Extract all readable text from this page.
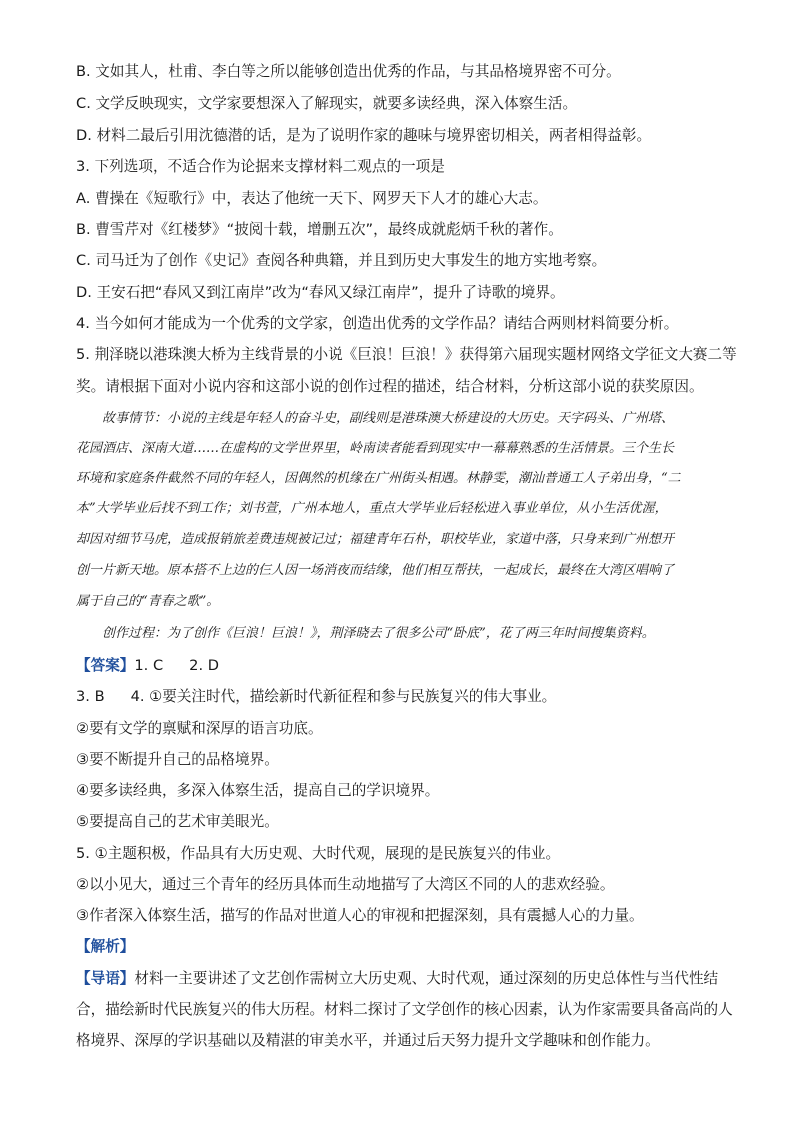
B. 文如其人，杜甫、李白等之所以能够创造出优秀的作品，与其品格境界密不可分。
C. 文学反映现实，文学家要想深入了解现实，就要多读经典，深入体察生活。
D. 材料二最后引用沈德潜的话，是为了说明作家的趣味与境界密切相关，两者相得益彰。
3. 下列选项，不适合作为论据来支撑材料二观点的一项是
A. 曹操在《短歌行》中，表达了他统一天下、网罗天下人才的雄心大志。
B. 曹雪芹对《红楼梦》“披阅十载，增删五次”，最终成就彪炳千秋的著作。
C. 司马迁为了创作《史记》查阅各种典籍，并且到历史大事发生的地方实地考察。
D. 王安石把“春风又到江南岸”改为“春风又绿江南岸”，提升了诗歌的境界。
4. 当今如何才能成为一个优秀的文学家，创造出优秀的文学作品？请结合两则材料简要分析。
5. 荆泽晓以港珠澳大桥为主线背景的小说《巨浪！巨浪！》获得第六届现实题材网络文学征文大赛二等
奖。请根据下面对小说内容和这部小说的创作过程的描述，结合材料，分析这部小说的获奖原因。
故事情节：小说的主线是年轻人的奋斗史，副线则是港珠澳大桥建设的大历史。天字码头、广州塔、
花园酒店、深南大道……在虚构的文学世界里，岭南读者能看到现实中一幕幕熟悉的生活情景。三个生长
环境和家庭条件截然不同的年轻人，因偶然的机缘在广州街头相遇。林静雯，潮汕普通工人子弟出身，“二
本”大学毕业后找不到工作；刘书萱，广州本地人，重点大学毕业后轻松进入事业单位，从小生活优渥，
却因对细节马虎，造成报销旅差费违规被记过；福建青年石朴，职校毕业，家道中落，只身来到广州想开
创一片新天地。原本搭不上边的仨人因一场消夜而结缘，他们相互帮扶，一起成长，最终在大湾区唱响了
属于自己的“青春之歌”。
创作过程：为了创作《巨浪！巨浪！》，荆泽晓去了很多公司“卧底”，花了两三年时间搜集资料。
【答案】1. C 2. D
3. B 4. ①要关注时代，描绘新时代新征程和参与民族复兴的伟大事业。
②要有文学的禀赋和深厚的语言功底。
③要不断提升自己的品格境界。
④要多读经典，多深入体察生活，提高自己的学识境界。
⑤要提高自己的艺术审美眼光。
5. ①主题积极，作品具有大历史观、大时代观，展现的是民族复兴的伟业。
②以小见大，通过三个青年的经历具体而生动地描写了大湾区不同的人的悲欢经验。
③作者深入体察生活，描写的作品对世道人心的审视和把握深刻，具有震撼人心的力量。
【解析】
【导语】材料一主要讲述了文艺创作需树立大历史观、大时代观，通过深刻的历史总体性与当代性结
合，描绘新时代民族复兴的伟大历程。材料二探讨了文学创作的核心因素，认为作家需要具备高尚的人
格境界、深厚的学识基础以及精湛的审美水平，并通过后天努力提升文学趣味和创作能力。
